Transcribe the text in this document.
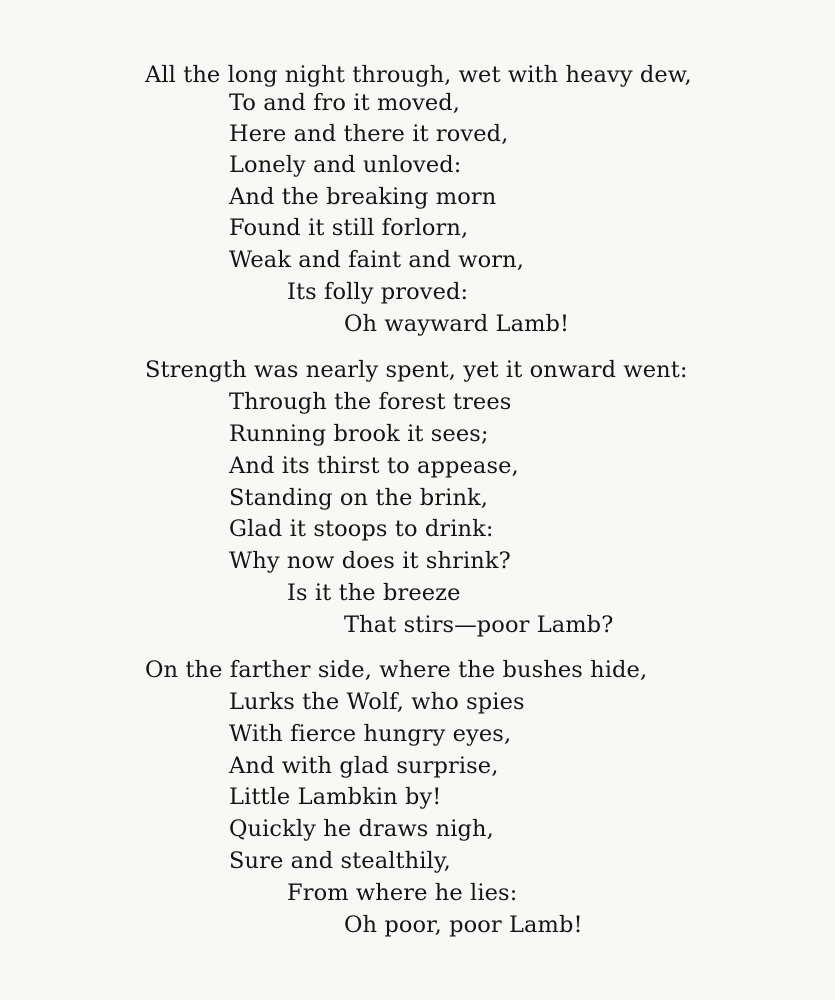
All the long night through, wet with heavy dew,
To and fro it moved,
Here and there it roved,
Lonely and unloved:
And the breaking morn
Found it still forlorn,
Weak and faint and worn,
Its folly proved:
Oh wayward Lamb!
Strength was nearly spent, yet it onward went:
Through the forest trees
Running brook it sees;
And its thirst to appease,
Standing on the brink,
Glad it stoops to drink:
Why now does it shrink?
Is it the breeze
That stirs—poor Lamb?
On the farther side, where the bushes hide,
Lurks the Wolf, who spies
With fierce hungry eyes,
And with glad surprise,
Little Lambkin by!
Quickly he draws nigh,
Sure and stealthily,
From where he lies:
Oh poor, poor Lamb!
